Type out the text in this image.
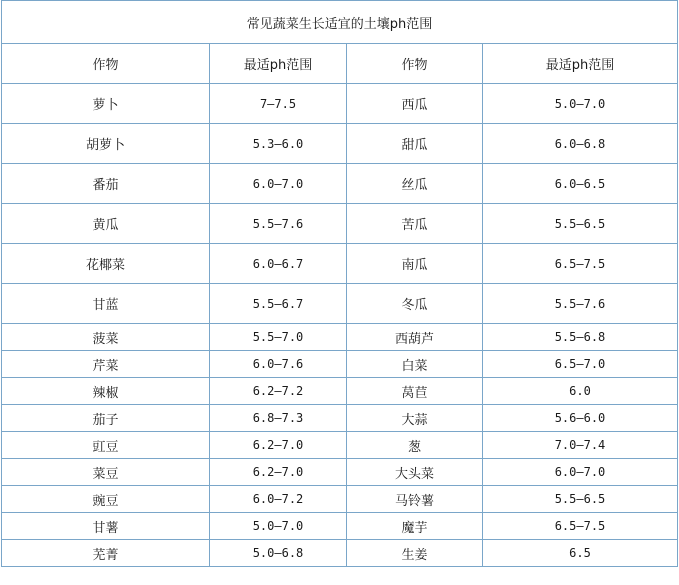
常见蔬菜生长适宜的土壤ph范围			
作物	最适ph范围	作物	最适ph范围
萝卜	7—7.5	西瓜	5.0—7.0
胡萝卜	5.3—6.0	甜瓜	6.0—6.8
番茄	6.0—7.0	丝瓜	6.0—6.5
黄瓜	5.5—7.6	苦瓜	5.5—6.5
花椰菜	6.0—6.7	南瓜	6.5—7.5
甘蓝	5.5—6.7	冬瓜	5.5—7.6
菠菜	5.5—7.0	西葫芦	5.5—6.8
芹菜	6.0—7.6	白菜	6.5—7.0
辣椒	6.2—7.2	莴苣	6.0
茄子	6.8—7.3	大蒜	5.6—6.0
豇豆	6.2—7.0	葱	7.0—7.4
菜豆	6.2—7.0	大头菜	6.0—7.0
豌豆	6.0—7.2	马铃薯	5.5—6.5
甘薯	5.0—7.0	魔芋	6.5—7.5
芜菁	5.0—6.8	生姜	6.5
